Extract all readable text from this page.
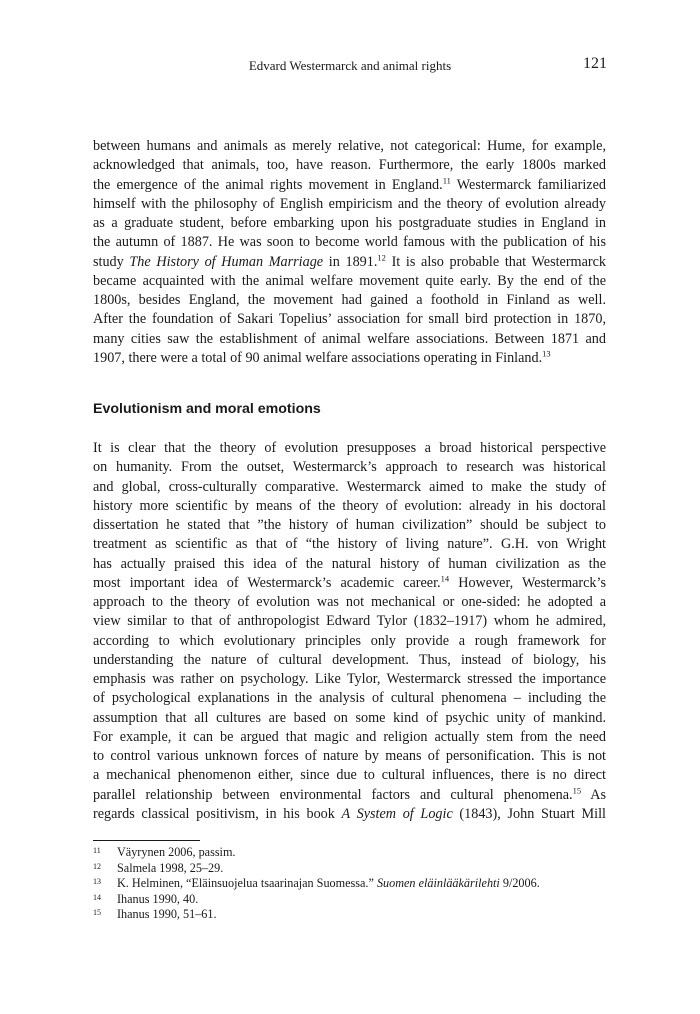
Edvard Westermarck and animal rights	121

between humans and animals as merely relative, not categorical: Hume, for example,
acknowledged that animals, too, have reason. Furthermore, the early 1800s marked
the emergence of the animal rights movement in England.$^{11}$ Westermarck familiarized
himself with the philosophy of English empiricism and the theory of evolution already
as a graduate student, before embarking upon his postgraduate studies in England in
the autumn of 1887. He was soon to become world famous with the publication of his
study The History of Human Marriage in 1891.12 It is also probable that Westermarck
became acquainted with the animal welfare movement quite early. By the end of the
1800s, besides England, the movement had gained a foothold in Finland as well.
After the foundation of Sakari Topelius’ association for small bird protection in 1870,
many cities saw the establishment of animal welfare associations. Between 1871 and
1907, there were a total of 90 animal welfare associations operating in Finland.$^{13}$

Evolutionism and moral emotions

It is clear that the theory of evolution presupposes a broad historical perspective
on humanity. From the outset, Westermarck’s approach to research was historical
and global, cross-culturally comparative. Westermarck aimed to make the study of
history more scientific by means of the theory of evolution: already in his doctoral
dissertation he stated that ”the history of human civilization” should be subject to
treatment as scientific as that of “the history of living nature”. G.H. von Wright
has actually praised this idea of the natural history of human civilization as the
most important idea of Westermarck’s academic career.$^{14}$ However, Westermarck’s
approach to the theory of evolution was not mechanical or one-sided: he adopted a
view similar to that of anthropologist Edward Tylor (1832–1917) whom he admired,
according to which evolutionary principles only provide a rough framework for
understanding the nature of cultural development. Thus, instead of biology, his
emphasis was rather on psychology. Like Tylor, Westermarck stressed the importance
of psychological explanations in the analysis of cultural phenomena – including the
assumption that all cultures are based on some kind of psychic unity of mankind.
For example, it can be argued that magic and religion actually stem from the need
to control various unknown forces of nature by means of personification. This is not
a mechanical phenomenon either, since due to cultural influences, there is no direct
parallel relationship between environmental factors and cultural phenomena.$^{15}$ As
regards classical positivism, in his book A System of Logic (1843), John Stuart Mill

11 Väyrynen 2006, passim.
12 Salmela 1998, 25–29.
13 K. Helminen, “Eläinsuojelua tsaarinajan Suomessa.” Suomen eläinlääkärilehti 9/2006.
14 Ihanus 1990, 40.
15 Ihanus 1990, 51–61.
